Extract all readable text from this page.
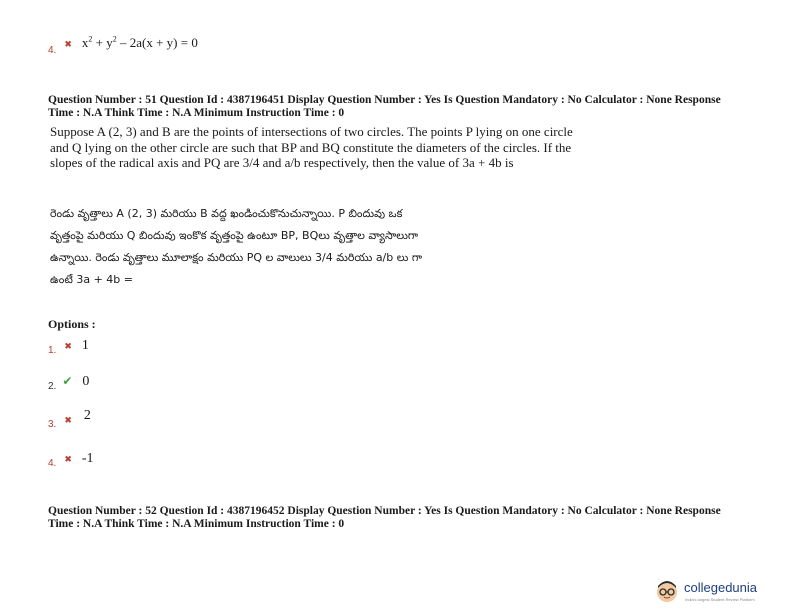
$_{4.}$ ✖ $x^2 + y^2 - 2a(x + y) = 0$
Question Number : 51 Question Id : 4387196451 Display Question Number : Yes Is Question Mandatory : No Calculator : None Response
Time : N.A Think Time : N.A Minimum Instruction Time : 0
Suppose A (2, 3) and B are the points of intersections of two circles. The points P lying on one circle and Q lying on the other circle are such that BP and BQ constitute the diameters of the circles. If the slopes of the radical axis and PQ are 3/4 and a/b respectively, then the value of 3a + 4b is
రెండు వృత్తాలు A (2, 3) మరియు B వద్ద ఖండించుకొనుచున్నాయి. P బిందువు ఒక
వృత్తంపై మరియు Q బిందువు ఇంకొక వృత్తంపై ఉంటూ BP, BQలు వృత్తాల వ్యాసాలుగా
ఉన్నాయి. రెండు వృత్తాలు మూలాక్షం మరియు PQ ల వాలులు 3/4 మరియు a/b లు గా
ఉంటే 3a + 4b =
Options :
$_{1.}$ ✖ 1
$_{2.}$ ✔ 0
$_{3.}$ $_✖$ 2
$_{4.}$ ✖ -1
Question Number : 52 Question Id : 4387196452 Display Question Number : Yes Is Question Mandatory : No Calculator : None Response
Time : N.A Think Time : N.A Minimum Instruction Time : 0
collegedunia
India's largest Student Review Platform
